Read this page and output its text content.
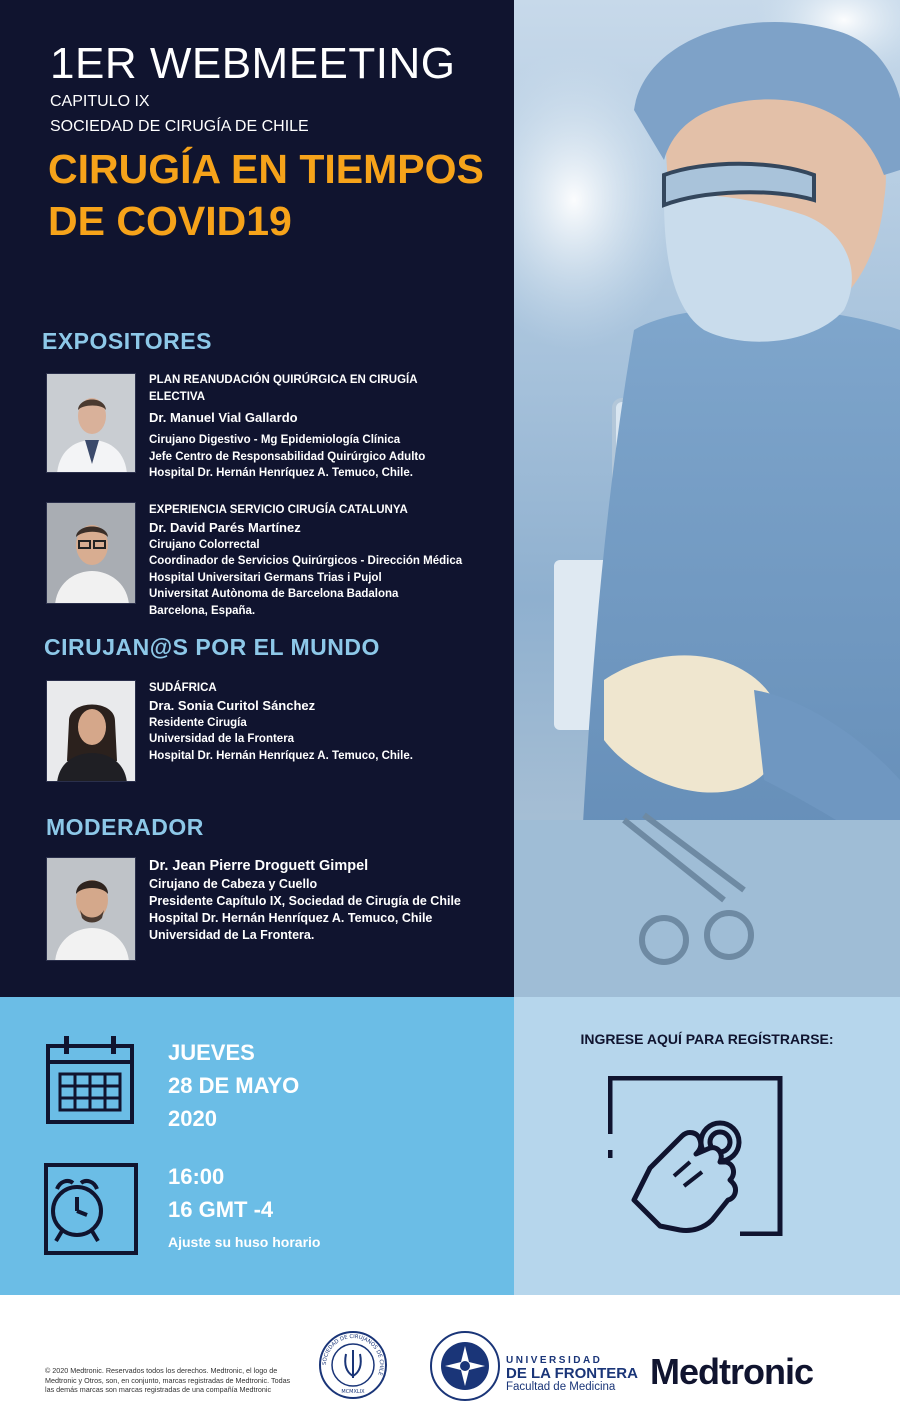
1ER WEBMEETING
CAPITULO IX
SOCIEDAD DE CIRUGÍA DE CHILE
CIRUGÍA EN TIEMPOS DE COVID19
EXPOSITORES
PLAN REANUDACIÓN QUIRÚRGICA EN CIRUGÍA ELECTIVA
Dr. Manuel Vial Gallardo
Cirujano Digestivo - Mg Epidemiología Clínica
Jefe Centro de Responsabilidad Quirúrgico Adulto
Hospital Dr. Hernán Henríquez A. Temuco, Chile.
EXPERIENCIA SERVICIO CIRUGÍA CATALUNYA
Dr. David Parés Martínez
Cirujano Colorrectal
Coordinador de Servicios Quirúrgicos - Dirección Médica
Hospital Universitari Germans Trias i Pujol
Universitat Autònoma de Barcelona Badalona
Barcelona, España.
CIRUJAN@S POR EL MUNDO
SUDÁFRICA
Dra. Sonia Curitol Sánchez
Residente Cirugía
Universidad de la Frontera
Hospital Dr. Hernán Henríquez A. Temuco, Chile.
MODERADOR
Dr. Jean Pierre Droguett Gimpel
Cirujano de Cabeza y Cuello
Presidente Capítulo IX, Sociedad de Cirugía de Chile
Hospital Dr. Hernán Henríquez A. Temuco, Chile
Universidad de La Frontera.
JUEVES
28 DE MAYO
2020
16:00
16 GMT -4
Ajuste su huso horario
INGRESE AQUÍ PARA REGÍSTRARSE:
© 2020 Medtronic. Reservados todos los derechos. Medtronic, el logo de Medtronic y Otros, son, en conjunto, marcas registradas de Medtronic. Todas las demás marcas son marcas registradas de una compañía Medtronic
SOCIEDAD DE CIRUJANOS DE CHILE
MCMXLIX
UNIVERSIDAD
DE LA FRONTERA
Facultad de Medicina Medtronic
